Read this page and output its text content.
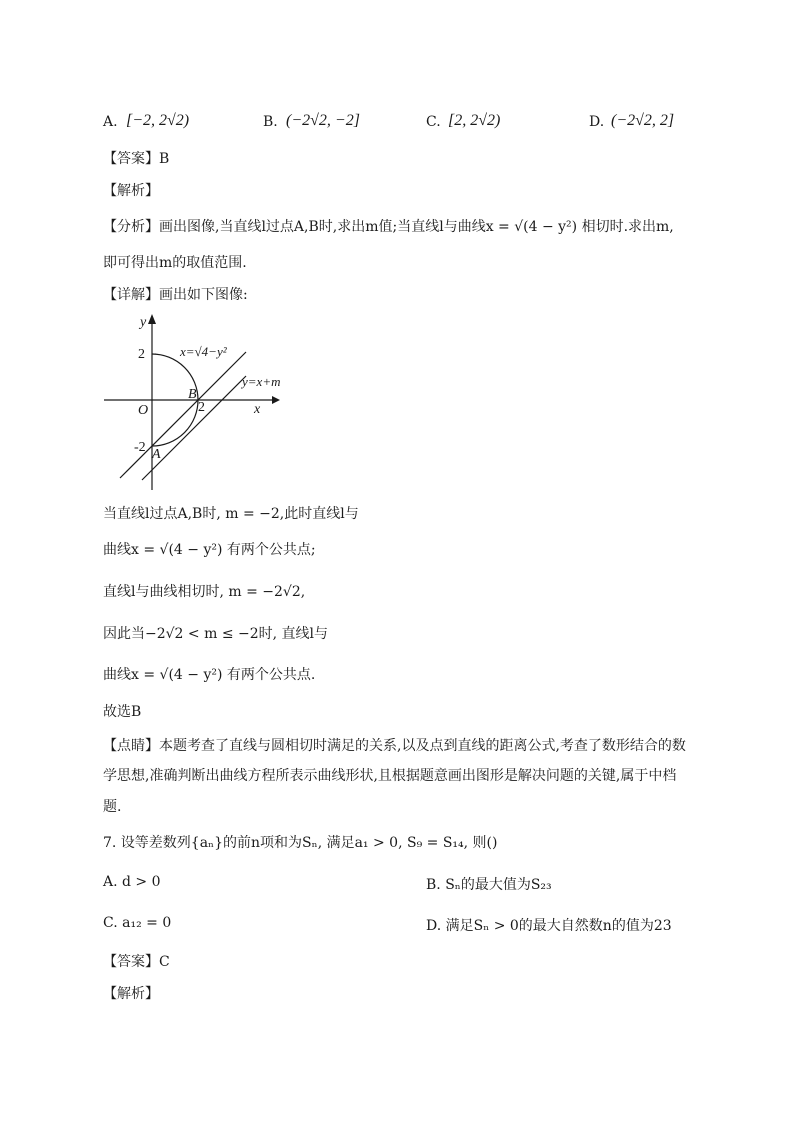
A. [−2, 2√2)	B. (−2√2, −2]	C. [2, 2√2)	D. (−2√2, 2]
【答案】B
【解析】
【分析】画出图像,当直线l过点A,B时,求出m值;当直线l与曲线x = √(4 − y²) 相切时.求出m,
即可得出m的取值范围.
【详解】画出如下图像:
y
x
O
2
-2
2
A
B
x=√4−y²
y=x+m
当直线l过点A,B时, m = −2,此时直线l与
曲线x = √(4 − y²) 有两个公共点;
直线l与曲线相切时, m = −2√2,
因此当−2√2 < m ≤ −2时, 直线l与
曲线x = √(4 − y²) 有两个公共点.
故选B
【点睛】本题考查了直线与圆相切时满足的关系,以及点到直线的距离公式,考查了数形结合的数
学思想,准确判断出曲线方程所表示曲线形状,且根据题意画出图形是解决问题的关键,属于中档
题.
7. 设等差数列{aₙ}的前n项和为Sₙ, 满足a₁ > 0, S₉ = S₁₄, 则()
A. d > 0	B. Sₙ的最大值为S₂₃
C. a₁₂ = 0	D. 满足Sₙ > 0的最大自然数n的值为23
【答案】C
【解析】
